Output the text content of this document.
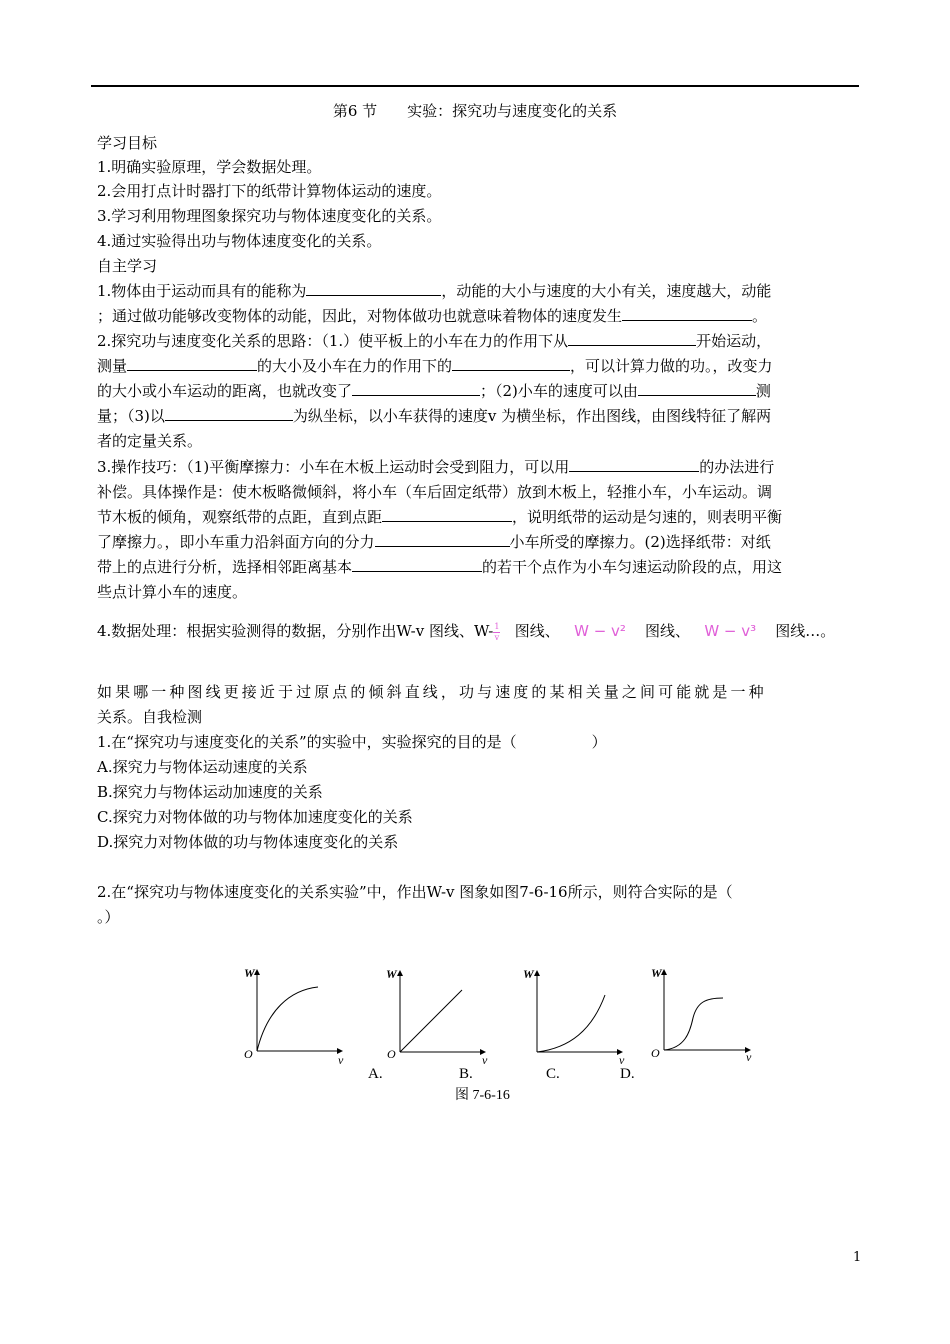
第6 节　　实验：探究功与速度变化的关系
学习目标
1.明确实验原理，学会数据处理。
2.会用打点计时器打下的纸带计算物体运动的速度。
3.学习利用物理图象探究功与物体速度变化的关系。
4.通过实验得出功与物体速度变化的关系。
自主学习
1.物体由于运动而具有的能称为	，动能的大小与速度的大小有关，速度越大，动能
；通过做功能够改变物体的动能，因此，对物体做功也就意味着物体的速度发生	。
2.探究功与速度变化关系的思路：（1.）使平板上的小车在力的作用下从	开始运动，
测量	的大小及小车在力的作用下的	，可以计算力做的功。，改变力
的大小或小车运动的距离，也就改变了	；（2)小车的速度可以由	测
量；（3)以	为纵坐标，以小车获得的速度v 为横坐标，作出图线，由图线特征了解两
者的定量关系。
3.操作技巧：（1)平衡摩擦力：小车在木板上运动时会受到阻力，可以用	的办法进行
补偿。具体操作是：使木板略微倾斜，将小车（车后固定纸带）放到木板上，轻推小车，小车运动。调
节木板的倾角，观察纸带的点距，直到点距	，说明纸带的运动是匀速的，则表明平衡
了摩擦力。，即小车重力沿斜面方向的分力	小车所受的摩擦力。(2)选择纸带：对纸
带上的点进行分析，选择相邻距离基本	的若干个点作为小车匀速运动阶段的点，用这
些点计算小车的速度。
4.数据处理：根据实验测得的数据，分别作出W-v 图线、$W- \frac{1}{v}$ 图线、 W − v² 图线、 W − v³ 图线…。
如果哪一种图线更接近于过原点的倾斜直线，功与速度的某相关量之间可能就是一种
关系。自我检测
1.在“探究功与速度变化的关系”的实验中，实验探究的目的是（　　　　　）
A.探究力与物体运动速度的关系
B.探究力与物体运动加速度的关系
C.探究力对物体做的功与物体加速度变化的关系
D.探究力对物体做的功与物体速度变化的关系
2.在“探究功与物体速度变化的关系实验”中，作出W-v 图象如图7-6-16所示，则符合实际的是（
。）
W
O	v
W
O	v
W
v
W
O	v
A.	B.	C.	D.
图 7-6-16
1
